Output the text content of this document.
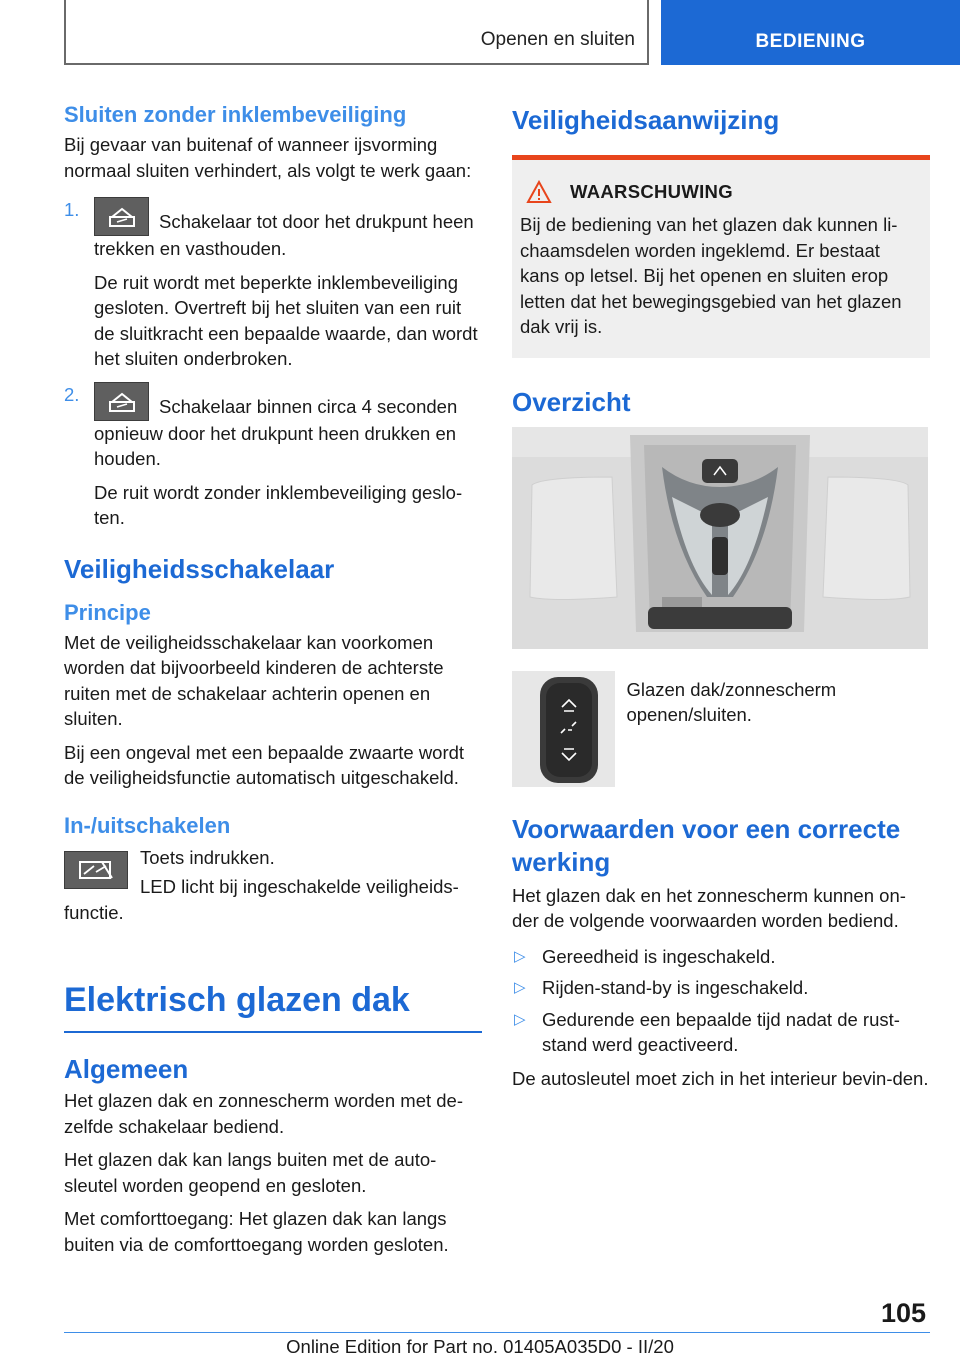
Openen en sluiten	BEDIENING
Sluiten zonder inklembeveiliging

Bij gevaar van buitenaf of wanneer ijsvorming normaal sluiten verhindert, als volgt te werk gaan:

1.

Schakelaar tot door het drukpunt heen trekken en vasthouden.

De ruit wordt met beperkte inklembeveiliging gesloten. Overtreft bij het sluiten van een ruit de sluitkracht een bepaalde waarde, dan wordt het sluiten onderbroken.

2.

Schakelaar binnen circa 4 seconden opnieuw door het drukpunt heen drukken en houden.

De ruit wordt zonder inklembeveiliging geslo-ten.

Veiligheidsschakelaar
Principe

Met de veiligheidsschakelaar kan voorkomen worden dat bijvoorbeeld kinderen de achterste ruiten met de schakelaar achterin openen en sluiten.

Bij een ongeval met een bepaalde zwaarte wordt de veiligheidsfunctie automatisch uitgeschakeld.

In-/uitschakelen

Toets indrukken.

LED licht bij ingeschakelde veiligheids-functie.

Elektrisch glazen dak
Algemeen

Het glazen dak en zonnescherm worden met de-zelfde schakelaar bediend.

Het glazen dak kan langs buiten met de auto-sleutel worden geopend en gesloten.

Met comforttoegang: Het glazen dak kan langs buiten via de comforttoegang worden gesloten.

Veiligheidsaanwijzing
WAARSCHUWING

Bij de bediening van het glazen dak kunnen li-chaamsdelen worden ingeklemd. Er bestaat kans op letsel. Bij het openen en sluiten erop letten dat het bewegingsgebied van het glazen dak vrij is.

Overzicht

Glazen dak/zonnescherm openen/sluiten.

Voorwaarden voor een correcte werking

Het glazen dak en het zonnescherm kunnen on-der de volgende voorwaarden worden bediend.

▷ Gereedheid is ingeschakeld.
▷ Rijden-stand-by is ingeschakeld.
▷ Gedurende een bepaalde tijd nadat de rust-stand werd geactiveerd.

De autosleutel moet zich in het interieur bevin-den.

105
Online Edition for Part no. 01405A035D0 - II/20
